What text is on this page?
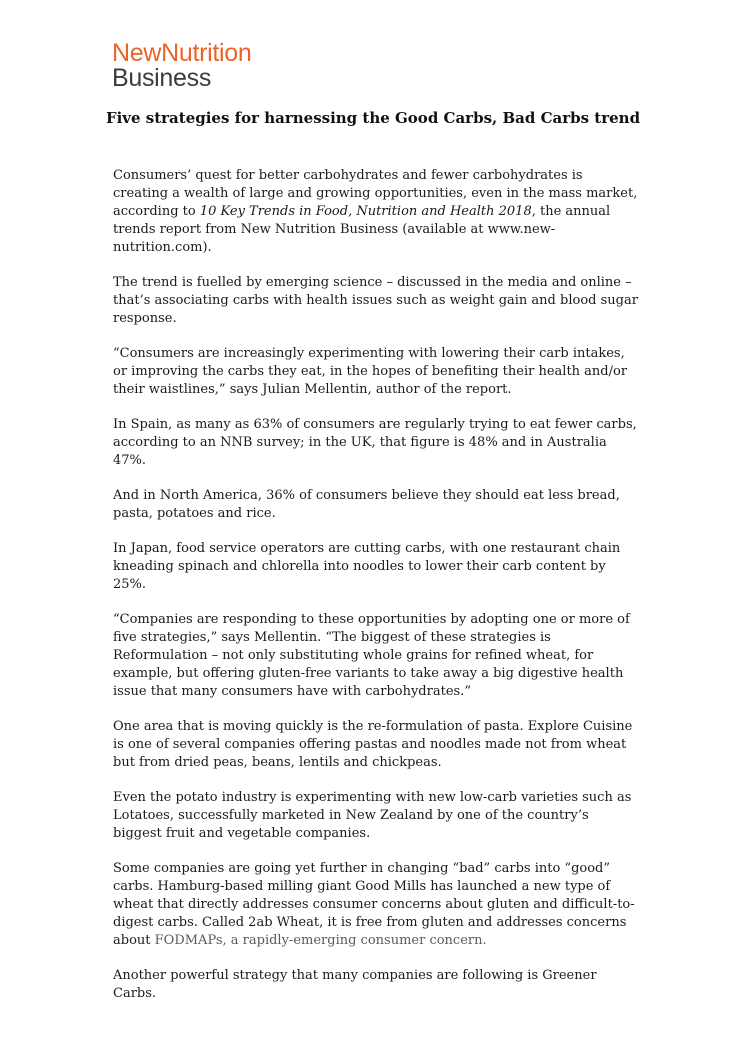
NewNutrition
Business
Five strategies for harnessing the Good Carbs, Bad Carbs trend

Consumers’ quest for better carbohydrates and fewer carbohydrates is creating a wealth of large and growing opportunities, even in the mass market, according to 10 Key Trends in Food, Nutrition and Health 2018, the annual trends report from New Nutrition Business (available at www.new-nutrition.com).

The trend is fuelled by emerging science – discussed in the media and online – that’s associating carbs with health issues such as weight gain and blood sugar response.

“Consumers are increasingly experimenting with lowering their carb intakes, or improving the carbs they eat, in the hopes of benefiting their health and/or their waistlines,” says Julian Mellentin, author of the report.

In Spain, as many as 63% of consumers are regularly trying to eat fewer carbs, according to an NNB survey; in the UK, that figure is 48% and in Australia 47%.

And in North America, 36% of consumers believe they should eat less bread, pasta, potatoes and rice.

In Japan, food service operators are cutting carbs, with one restaurant chain kneading spinach and chlorella into noodles to lower their carb content by 25%.

“Companies are responding to these opportunities by adopting one or more of five strategies,” says Mellentin. “The biggest of these strategies is Reformulation – not only substituting whole grains for refined wheat, for example, but offering gluten-free variants to take away a big digestive health issue that many consumers have with carbohydrates.”

One area that is moving quickly is the re-formulation of pasta. Explore Cuisine is one of several companies offering pastas and noodles made not from wheat but from dried peas, beans, lentils and chickpeas.

Even the potato industry is experimenting with new low-carb varieties such as Lotatoes, successfully marketed in New Zealand by one of the country’s biggest fruit and vegetable companies.

Some companies are going yet further in changing “bad” carbs into “good” carbs. Hamburg-based milling giant Good Mills has launched a new type of wheat that directly addresses consumer concerns about gluten and difficult-to-digest carbs. Called 2ab Wheat, it is free from gluten and addresses concerns about FODMAPs, a rapidly-emerging consumer concern.

Another powerful strategy that many companies are following is Greener Carbs.
